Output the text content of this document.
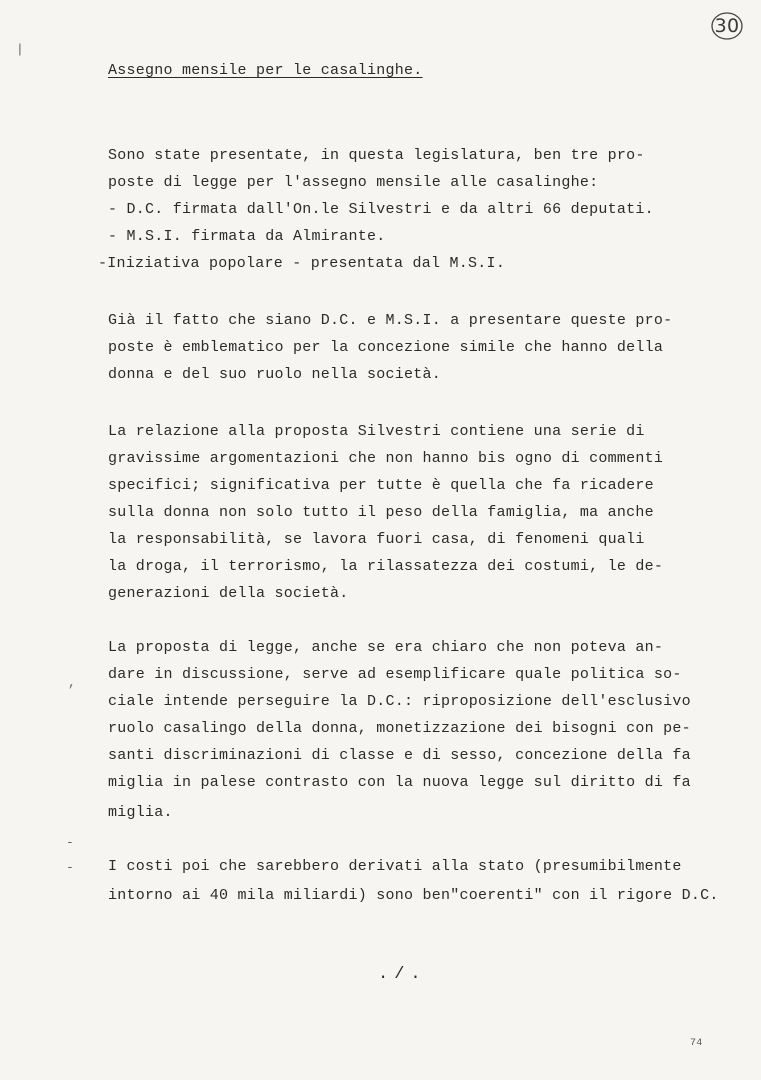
30
|
Assegno mensile per le casalinghe.
Sono state presentate, in questa legislatura, ben tre pro-
poste di legge per l'assegno mensile alle casalinghe:
- D.C. firmata dall'On.le Silvestri e da altri 66 deputati.
- M.S.I. firmata da Almirante.
-Iniziativa popolare - presentata dal M.S.I.
Già il fatto che siano D.C. e M.S.I. a presentare queste pro-
poste è emblematico per la concezione simile che hanno della
donna e del suo ruolo nella società.
La relazione alla proposta Silvestri contiene una serie di
gravissime argomentazioni che non hanno bis ogno di commenti
specifici; significativa per tutte è quella che fa ricadere
sulla donna non solo tutto il peso della famiglia, ma anche
la responsabilità, se lavora fuori casa, di fenomeni quali
la droga, il terrorismo, la rilassatezza dei costumi, le de-
generazioni della società.
La proposta di legge, anche se era chiaro che non poteva an-
dare in discussione, serve ad esemplificare quale politica so-
ciale intende perseguire la D.C.: riproposizione dell'esclusivo
ruolo casalingo della donna, monetizzazione dei bisogni con pe-
santi discriminazioni di classe e di sesso, concezione della fa
miglia in palese contrasto con la nuova legge sul diritto di fa
miglia.
,
-
- I costi poi che sarebbero derivati alla stato (presumibilmente
intorno ai 40 mila miliardi) sono ben"coerenti" con il rigore D.C.
./.
74
